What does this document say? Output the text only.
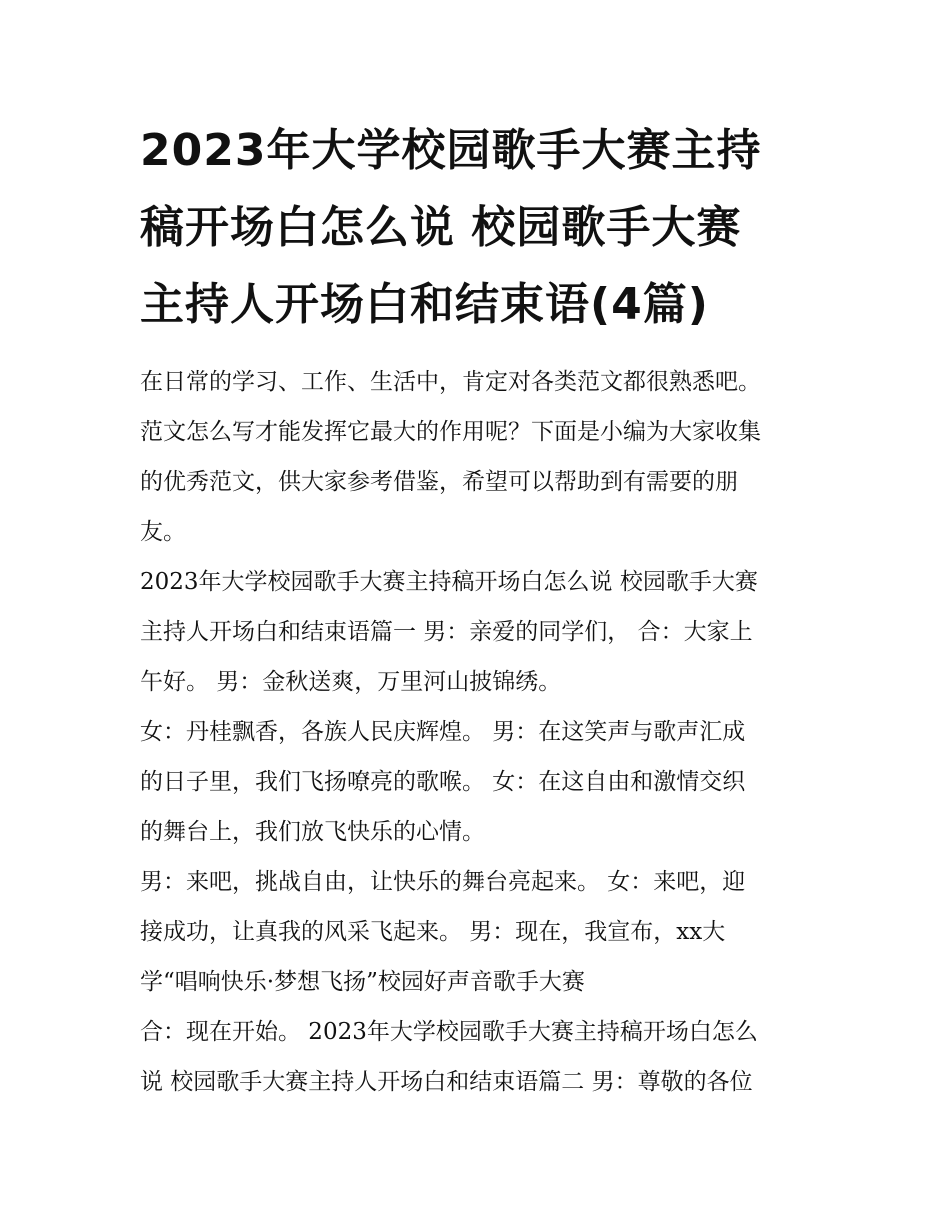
2023年大学校园歌手大赛主持
稿开场白怎么说 校园歌手大赛
主持人开场白和结束语(4篇)

在日常的学习、工作、生活中，肯定对各类范文都很熟悉吧。
范文怎么写才能发挥它最大的作用呢？下面是小编为大家收集
的优秀范文，供大家参考借鉴，希望可以帮助到有需要的朋
友。

2023年大学校园歌手大赛主持稿开场白怎么说 校园歌手大赛
主持人开场白和结束语篇一 男：亲爱的同学们， 合：大家上
午好。 男：金秋送爽，万里河山披锦绣。

女：丹桂飘香，各族人民庆辉煌。 男：在这笑声与歌声汇成
的日子里，我们飞扬嘹亮的歌喉。 女：在这自由和激情交织
的舞台上，我们放飞快乐的心情。

男：来吧，挑战自由，让快乐的舞台亮起来。 女：来吧，迎
接成功，让真我的风采飞起来。 男：现在，我宣布，xx大
学“唱响快乐·梦想飞扬”校园好声音歌手大赛

合：现在开始。 2023年大学校园歌手大赛主持稿开场白怎么
说 校园歌手大赛主持人开场白和结束语篇二 男：尊敬的各位
